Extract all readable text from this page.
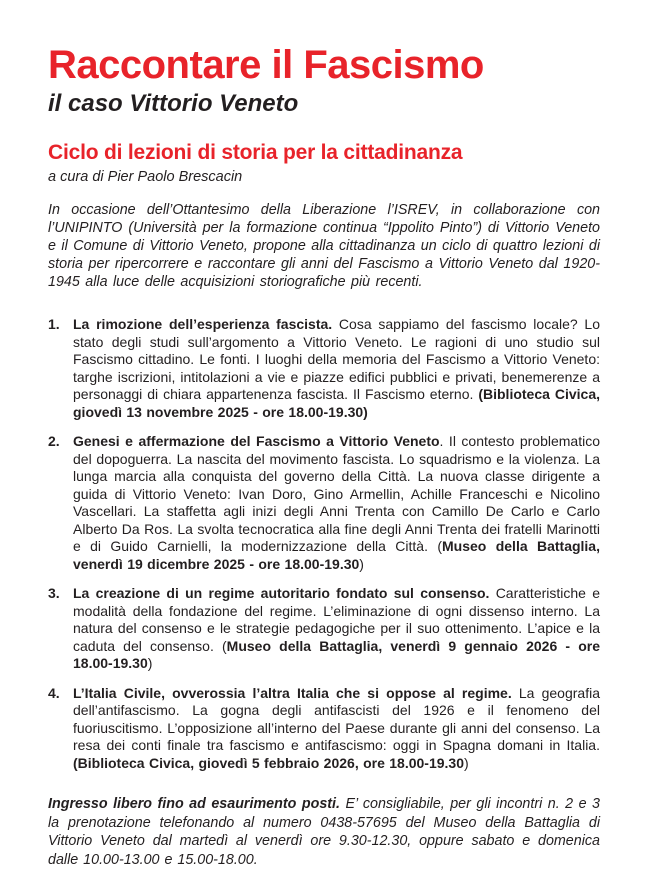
Raccontare il Fascismo
il caso Vittorio Veneto
Ciclo di lezioni di storia per la cittadinanza

a cura di Pier Paolo Brescacin

In occasione dell’Ottantesimo della Liberazione l’ISREV, in collaborazione con l’UNIPINTO (Università per la formazione continua “Ippolito Pinto”) di Vittorio Veneto e il Comune di Vittorio Veneto, propone alla cittadinanza un ciclo di quattro lezioni di storia per ripercorrere e raccontare gli anni del Fascismo a Vittorio Veneto dal 1920-1945 alla luce delle acquisizioni storiografiche più recenti.

1. La rimozione dell’esperienza fascista. Cosa sappiamo del fascismo locale? Lo stato degli studi sull’argomento a Vittorio Veneto. Le ragioni di uno studio sul Fascismo cittadino. Le fonti. I luoghi della memoria del Fascismo a Vittorio Veneto: targhe iscrizioni, intitolazioni a vie e piazze edifici pubblici e privati, benemerenze a personaggi di chiara appartenenza fascista. Il Fascismo eterno. (Biblioteca Civica, giovedì 13 novembre 2025 - ore 18.00-19.30)

2. Genesi e affermazione del Fascismo a Vittorio Veneto. Il contesto problematico del dopoguerra. La nascita del movimento fascista. Lo squadrismo e la violenza. La lunga marcia alla conquista del governo della Città. La nuova classe dirigente a guida di Vittorio Veneto: Ivan Doro, Gino Armellin, Achille Franceschi e Nicolino Vascellari. La staffetta agli inizi degli Anni Trenta con Camillo De Carlo e Carlo Alberto Da Ros. La svolta tecnocratica alla fine degli Anni Trenta dei fratelli Marinotti e di Guido Carnielli, la modernizzazione della Città. (Museo della Battaglia, venerdì 19 dicembre 2025 - ore 18.00-19.30)

3. La creazione di un regime autoritario fondato sul consenso. Caratteristiche e modalità della fondazione del regime. L’eliminazione di ogni dissenso interno. La natura del consenso e le strategie pedagogiche per il suo ottenimento. L’apice e la caduta del consenso. (Museo della Battaglia, venerdì 9 gennaio 2026 - ore 18.00-19.30)

4. L’Italia Civile, ovverossia l’altra Italia che si oppose al regime. La geografia dell’antifascismo. La gogna degli antifascisti del 1926 e il fenomeno del fuoriuscitismo. L’opposizione all’interno del Paese durante gli anni del consenso. La resa dei conti finale tra fascismo e antifascismo: oggi in Spagna domani in Italia. (Biblioteca Civica, giovedì 5 febbraio 2026, ore 18.00-19.30)

Ingresso libero fino ad esaurimento posti. E’ consigliabile, per gli incontri n. 2 e 3 la prenotazione telefonando al numero 0438-57695 del Museo della Battaglia di Vittorio Veneto dal martedì al venerdì ore 9.30-12.30, oppure sabato e domenica dalle 10.00-13.00 e 15.00-18.00.
